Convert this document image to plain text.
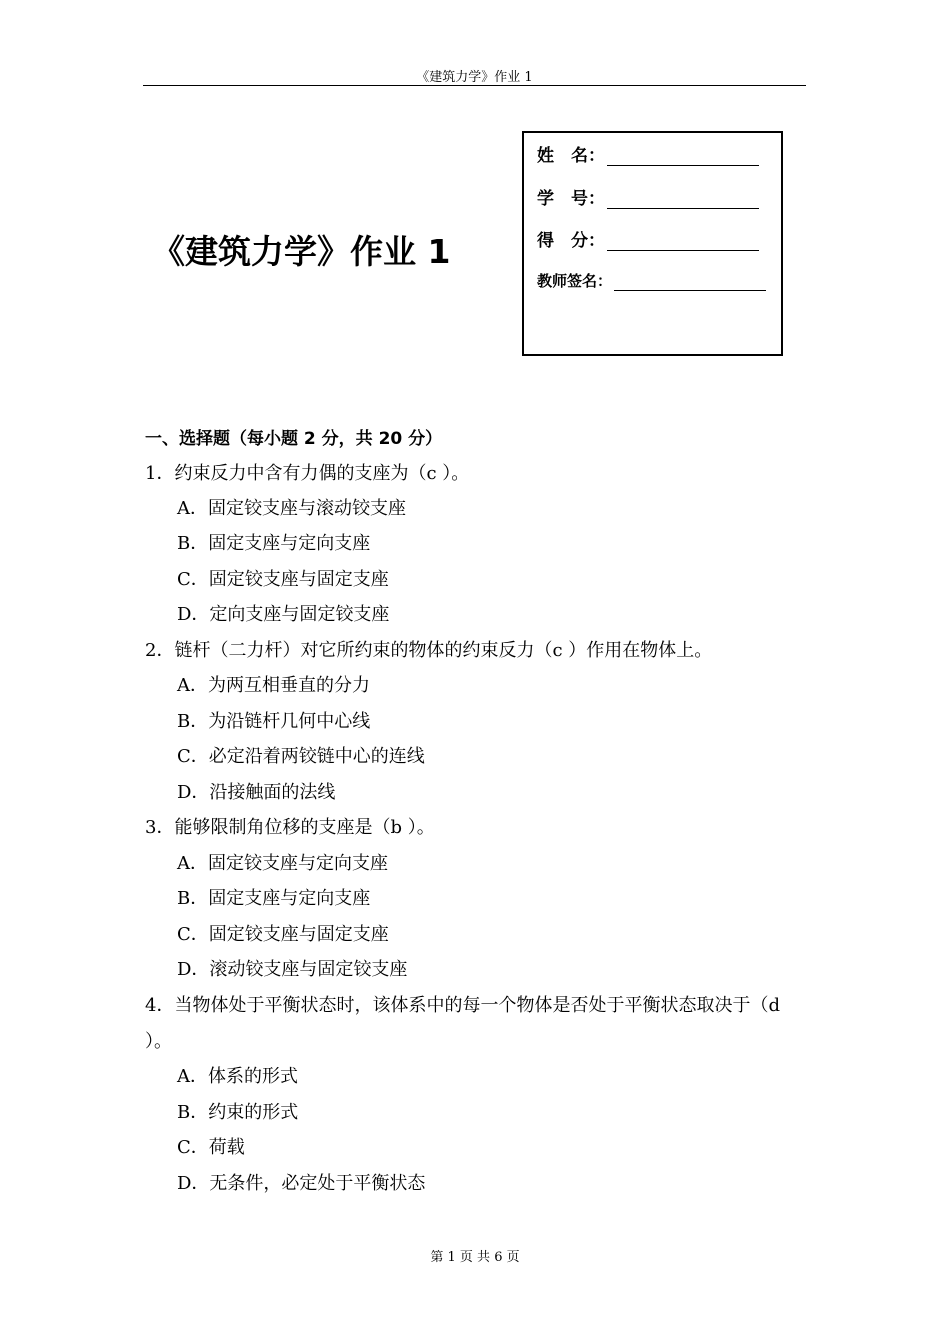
《建筑力学》作业 1
《建筑力学》作业 1
姓　名：
学　号：
得　分：
教师签名：
一、选择题（每小题 2 分，共 20 分）
1．约束反力中含有力偶的支座为（c ）。
A．固定铰支座与滚动铰支座
B．固定支座与定向支座
C．固定铰支座与固定支座
D．定向支座与固定铰支座
2．链杆（二力杆）对它所约束的物体的约束反力（c ）作用在物体上。
A．为两互相垂直的分力
B．为沿链杆几何中心线
C．必定沿着两铰链中心的连线
D．沿接触面的法线
3．能够限制角位移的支座是（b ）。
A．固定铰支座与定向支座
B．固定支座与定向支座
C．固定铰支座与固定支座
D．滚动铰支座与固定铰支座
4．当物体处于平衡状态时，该体系中的每一个物体是否处于平衡状态取决于（d
）。
A．体系的形式
B．约束的形式
C．荷载
D．无条件，必定处于平衡状态
第 1 页 共 6 页
